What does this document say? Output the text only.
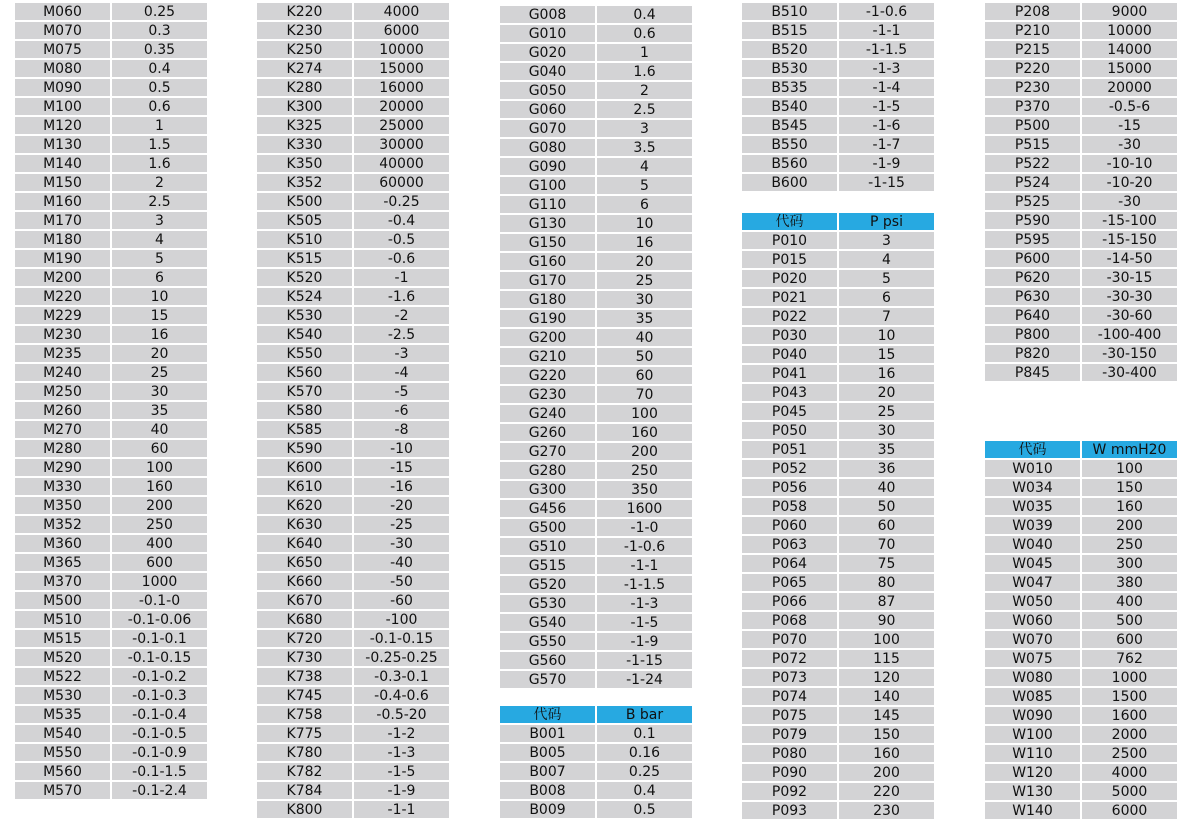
M060	0.25
M070	0.3
M075	0.35
M080	0.4
M090	0.5
M100	0.6
M120	1
M130	1.5
M140	1.6
M150	2
M160	2.5
M170	3
M180	4
M190	5
M200	6
M220	10
M229	15
M230	16
M235	20
M240	25
M250	30
M260	35
M270	40
M280	60
M290	100
M330	160
M350	200
M352	250
M360	400
M365	600
M370	1000
M500	-0.1-0
M510	-0.1-0.06
M515	-0.1-0.1
M520	-0.1-0.15
M522	-0.1-0.2
M530	-0.1-0.3
M535	-0.1-0.4
M540	-0.1-0.5
M550	-0.1-0.9
M560	-0.1-1.5
M570	-0.1-2.4
K220	4000
K230	6000
K250	10000
K274	15000
K280	16000
K300	20000
K325	25000
K330	30000
K350	40000
K352	60000
K500	-0.25
K505	-0.4
K510	-0.5
K515	-0.6
K520	-1
K524	-1.6
K530	-2
K540	-2.5
K550	-3
K560	-4
K570	-5
K580	-6
K585	-8
K590	-10
K600	-15
K610	-16
K620	-20
K630	-25
K640	-30
K650	-40
K660	-50
K670	-60
K680	-100
K720	-0.1-0.15
K730	-0.25-0.25
K738	-0.3-0.1
K745	-0.4-0.6
K758	-0.5-20
K775	-1-2
K780	-1-3
K782	-1-5
K784	-1-9
K800	-1-1
G008	0.4
G010	0.6
G020	1
G040	1.6
G050	2
G060	2.5
G070	3
G080	3.5
G090	4
G100	5
G110	6
G130	10
G150	16
G160	20
G170	25
G180	30
G190	35
G200	40
G210	50
G220	60
G230	70
G240	100
G260	160
G270	200
G280	250
G300	350
G456	1600
G500	-1-0
G510	-1-0.6
G515	-1-1
G520	-1-1.5
G530	-1-3
G540	-1-5
G550	-1-9
G560	-1-15
G570	-1-24
代码	B bar
B001	0.1
B005	0.16
B007	0.25
B008	0.4
B009	0.5
B510	-1-0.6
B515	-1-1
B520	-1-1.5
B530	-1-3
B535	-1-4
B540	-1-5
B545	-1-6
B550	-1-7
B560	-1-9
B600	-1-15
代码	P psi
P010	3
P015	4
P020	5
P021	6
P022	7
P030	10
P040	15
P041	16
P043	20
P045	25
P050	30
P051	35
P052	36
P056	40
P058	50
P060	60
P063	70
P064	75
P065	80
P066	87
P068	90
P070	100
P072	115
P073	120
P074	140
P075	145
P079	150
P080	160
P090	200
P092	220
P093	230
P208	9000
P210	10000
P215	14000
P220	15000
P230	20000
P370	-0.5-6
P500	-15
P515	-30
P522	-10-10
P524	-10-20
P525	-30
P590	-15-100
P595	-15-150
P600	-14-50
P620	-30-15
P630	-30-30
P640	-30-60
P800	-100-400
P820	-30-150
P845	-30-400
代码	W mmH20
W010	100
W034	150
W035	160
W039	200
W040	250
W045	300
W047	380
W050	400
W060	500
W070	600
W075	762
W080	1000
W085	1500
W090	1600
W100	2000
W110	2500
W120	4000
W130	5000
W140	6000
